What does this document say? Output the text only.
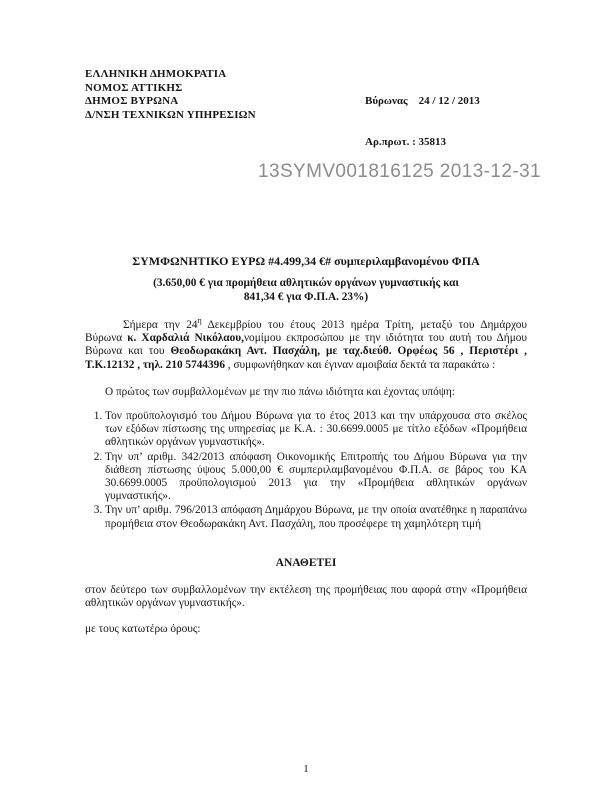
ΕΛΛΗΝΙΚΗ ΔΗΜΟΚΡΑΤΙΑ
ΝΟΜΟΣ ΑΤΤΙΚΗΣ
ΔΗΜΟΣ ΒΥΡΩΝΑ
Δ/ΝΣΗ ΤΕΧΝΙΚΩΝ ΥΠΗΡΕΣΙΩΝ

Βύρωνας    24 / 12 / 2013

Αρ.πρωτ. : 35813

13SYMV001816125 2013-12-31
ΣΥΜΦΩΝΗΤΙΚΟ ΕΥΡΩ #4.499,34 €# συμπεριλαμβανομένου ΦΠΑ
(3.650,00 € για προμήθεια αθλητικών οργάνων γυμναστικής και
841,34 € για Φ.Π.Α. 23%)

Σήμερα την $24^\eta$ Δεκεμβρίου του έτους 2013 ημέρα Τρίτη, μεταξύ του Δημάρχου Βύρωνα κ. Χαρδαλιά Νικόλαου,νομίμου εκπροσώπου με την ιδιότητα του αυτή του Δήμου Βύρωνα και του Θεοδωρακάκη Αντ. Πασχάλη, με ταχ.διεύθ. Ορφέως 56 , Περιστέρι , Τ.Κ.12132 , τηλ. 210 5744396 , συμφωνήθηκαν και έγιναν αμοιβαία δεκτά τα παρακάτω :

Ο πρώτος των συμβαλλομένων με την πιο πάνω ιδιότητα και έχοντας υπόψη:

1. Τον προϋπολογισμό του Δήμου Βύρωνα για το έτος 2013 και την υπάρχουσα στο σκέλος των εξόδων πίστωσης της υπηρεσίας με Κ.Α. : 30.6699.0005 με τίτλο εξόδων «Προμήθεια αθλητικών οργάνων γυμναστικής».
2. Την υπ’ αριθμ. 342/2013 απόφαση Οικονομικής Επιτροπής του Δήμου Βύρωνα για την διάθεση πίστωσης ύψους 5.000,00 € συμπεριλαμβανομένου Φ.Π.Α. σε βάρος του ΚΑ 30.6699.0005 προϋπολογισμού 2013 για την «Προμήθεια αθλητικών οργάνων γυμναστικής».
3. Την υπ’ αριθμ. 796/2013 απόφαση Δημάρχου Βύρωνα, με την οποία ανατέθηκε η παραπάνω προμήθεια στον Θεοδωρακάκη Αντ. Πασχάλη, που προσέφερε τη χαμηλότερη τιμή
ΑΝΑΘΕΤΕΙ

στον δεύτερο των συμβαλλομένων την εκτέλεση της προμήθειας που αφορά στην «Προμήθεια αθλητικών οργάνων γυμναστικής».

με τους κατωτέρω όρους:

1
